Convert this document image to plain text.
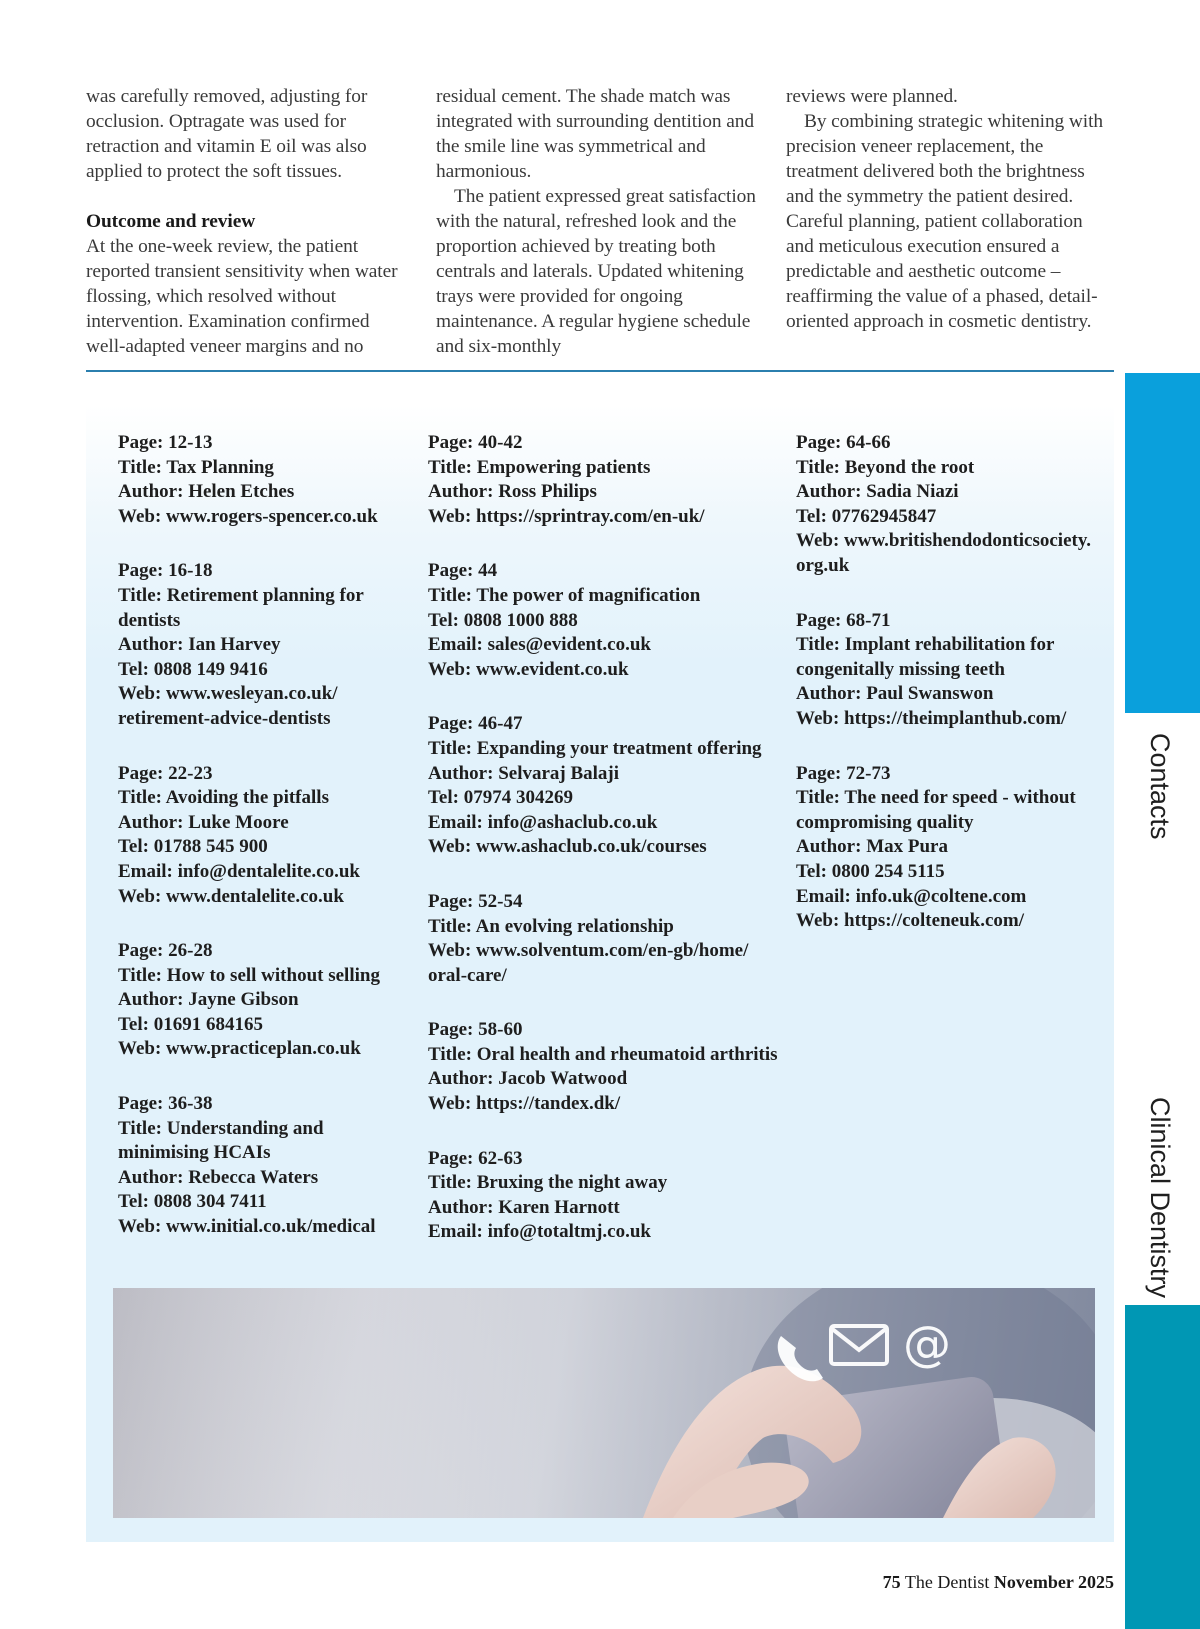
was carefully removed, adjusting for occlusion. Optragate was used for retraction and vitamin E oil was also applied to protect the soft tissues.

Outcome and review

At the one-week review, the patient reported transient sensitivity when water flossing, which resolved without intervention. Examination confirmed well-adapted veneer margins and no

residual cement. The shade match was integrated with surrounding dentition and the smile line was symmetrical and harmonious.

The patient expressed great satisfaction with the natural, refreshed look and the proportion achieved by treating both centrals and laterals. Updated whitening trays were provided for ongoing maintenance. A regular hygiene schedule and six-monthly

reviews were planned.

By combining strategic whitening with precision veneer replacement, the treatment delivered both the brightness and the symmetry the patient desired. Careful planning, patient collaboration and meticulous execution ensured a predictable and aesthetic outcome – reaffirming the value of a phased, detail-oriented approach in cosmetic dentistry.

Page: 12-13
Title: Tax Planning
Author: Helen Etches
Web: www.rogers-spencer.co.uk
Page: 16-18
Title: Retirement planning for dentists
Author: Ian Harvey
Tel: 0808 149 9416
Web: www.wesleyan.co.uk/ retirement-advice-dentists
Page: 22-23
Title: Avoiding the pitfalls
Author: Luke Moore
Tel: 01788 545 900
Email: info@dentalelite.co.uk
Web: www.dentalelite.co.uk
Page: 26-28
Title: How to sell without selling
Author: Jayne Gibson
Tel: 01691 684165
Web: www.practiceplan.co.uk
Page: 36-38
Title: Understanding and minimising HCAIs
Author: Rebecca Waters
Tel: 0808 304 7411
Web: www.initial.co.uk/medical
Page: 40-42
Title: Empowering patients
Author: Ross Philips
Web: https://sprintray.com/en-uk/
Page: 44
Title: The power of magnification
Tel: 0808 1000 888
Email: sales@evident.co.uk
Web: www.evident.co.uk
Page: 46-47
Title: Expanding your treatment offering
Author: Selvaraj Balaji
Tel: 07974 304269
Email: info@ashaclub.co.uk
Web: www.ashaclub.co.uk/courses
Page: 52-54
Title: An evolving relationship
Web: www.solventum.com/en-gb/home/ oral-care/
Page: 58-60
Title: Oral health and rheumatoid arthritis
Author: Jacob Watwood
Web: https://tandex.dk/
Page: 62-63
Title: Bruxing the night away
Author: Karen Harnott
Email: info@totaltmj.co.uk
Page: 64-66
Title: Beyond the root
Author: Sadia Niazi
Tel: 07762945847
Web: www.britishendodonticsociety. org.uk
Page: 68-71
Title: Implant rehabilitation for congenitally missing teeth
Author: Paul Swanswon
Web: https://theimplanthub.com/
Page: 72-73
Title: The need for speed - without compromising quality
Author: Max Pura
Tel: 0800 254 5115
Email: info.uk@coltene.com
Web: https://colteneuk.com/
@
Contacts
Clinical Dentistry
75 The Dentist November 2025
